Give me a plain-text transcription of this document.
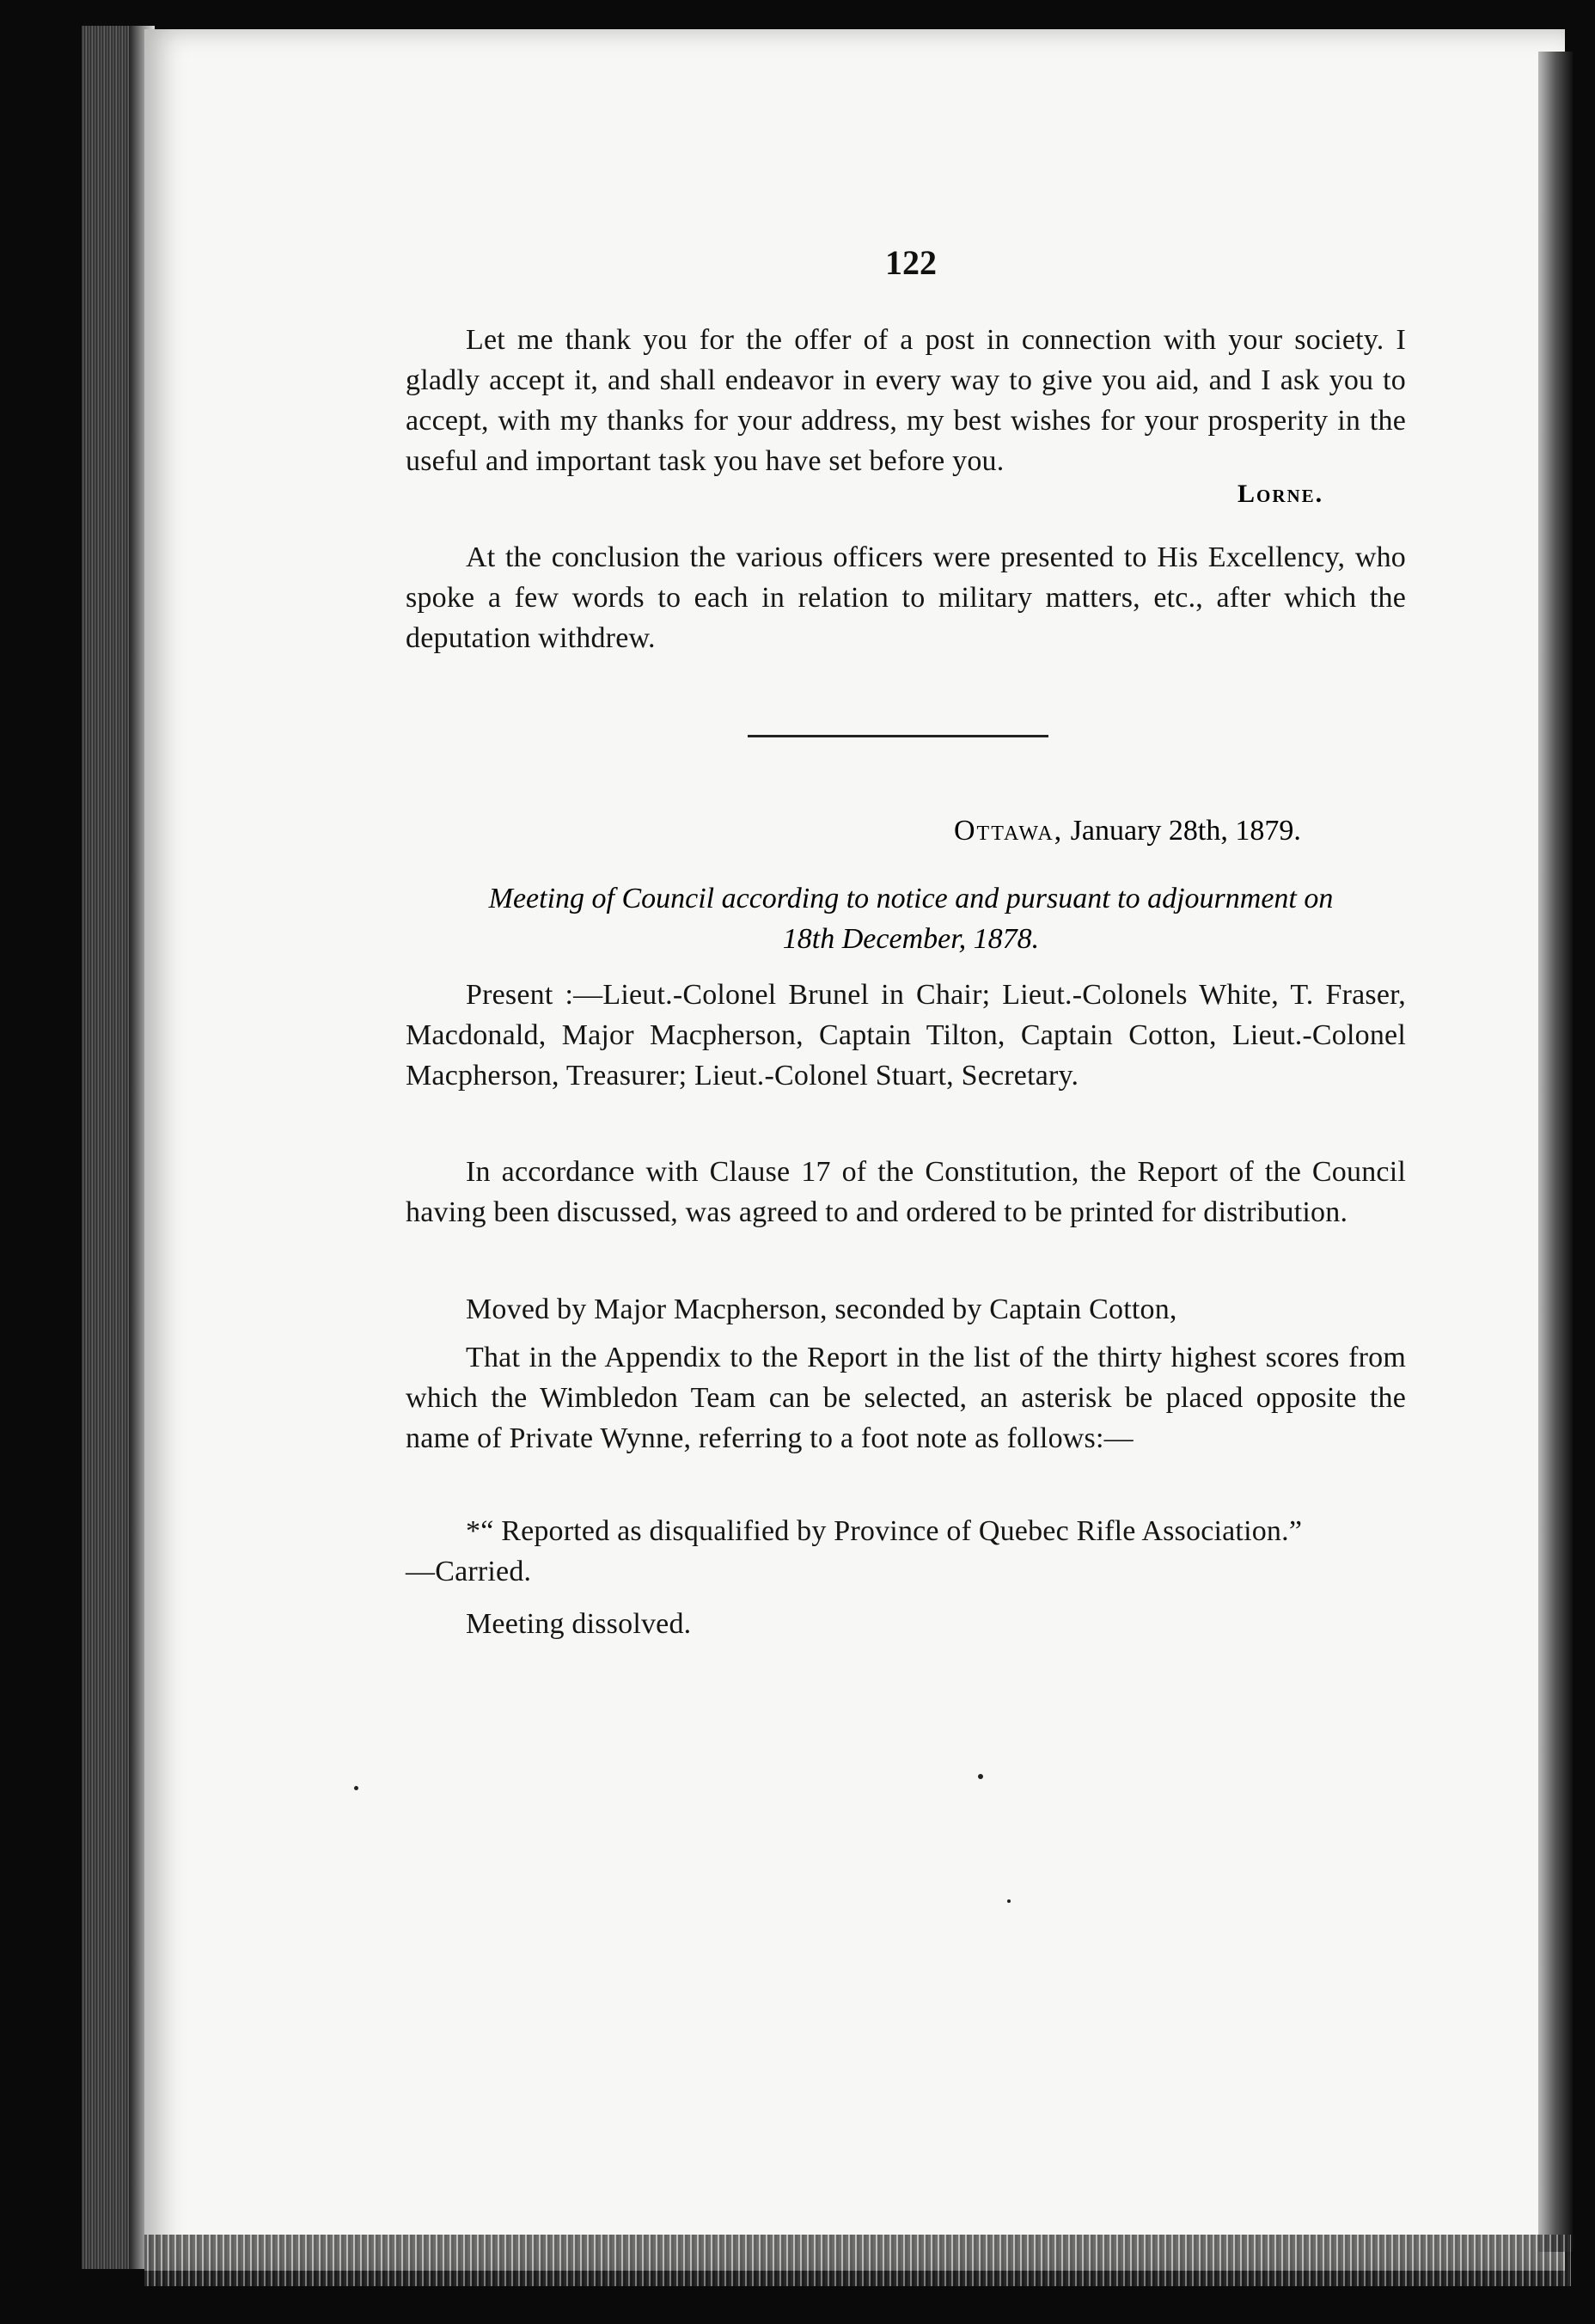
122

Let me thank you for the offer of a post in connection with your society. I gladly accept it, and shall endeavor in every way to give you aid, and I ask you to accept, with my thanks for your address, my best wishes for your prosperity in the useful and important task you have set before you.

Lorne.

At the conclusion the various officers were presented to His Excellency, who spoke a few words to each in relation to military matters, etc., after which the deputation withdrew.

Ottawa, January 28th, 1879.
Meeting of Council according to notice and pursuant to adjournment on
18th December, 1878.

Present :—Lieut.-Colonel Brunel in Chair; Lieut.-Colonels White, T. Fraser, Macdonald, Major Macpherson, Captain Tilton, Captain Cotton, Lieut.-Colonel Macpherson, Treasurer; Lieut.-Colonel Stuart, Secretary.

In accordance with Clause 17 of the Constitution, the Report of the Council having been discussed, was agreed to and ordered to be printed for distribution.

Moved by Major Macpherson, seconded by Captain Cotton,

That in the Appendix to the Report in the list of the thirty highest scores from which the Wimbledon Team can be selected, an asterisk be placed opposite the name of Private Wynne, referring to a foot note as follows:—

*“ Reported as disqualified by Province of Quebec Rifle Association.”

—Carried.

Meeting dissolved.
